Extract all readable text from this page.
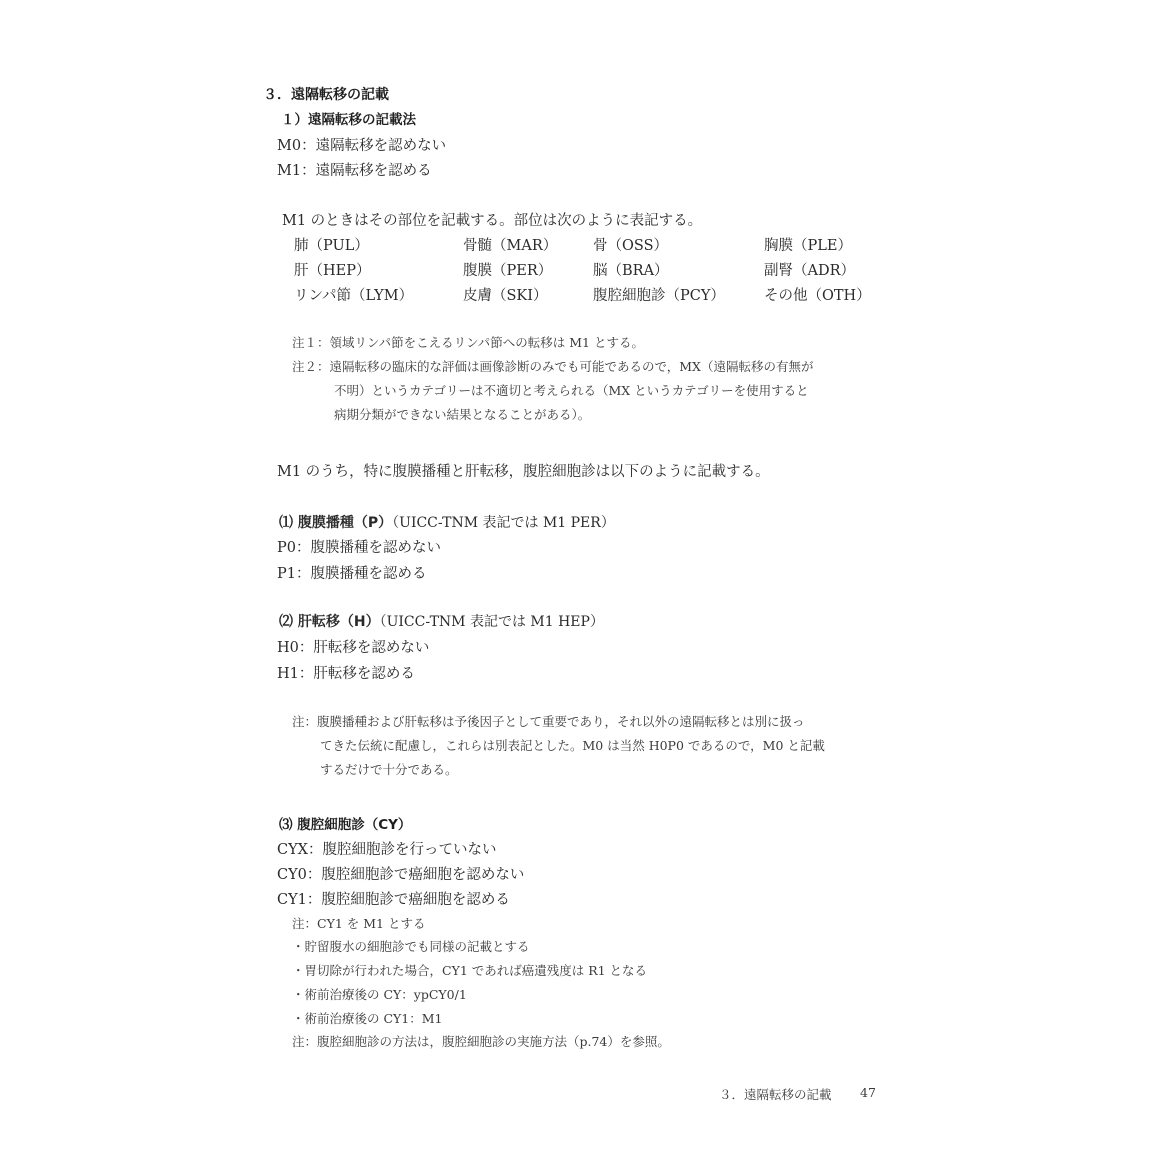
３．遠隔転移の記載
１）遠隔転移の記載法
M0：遠隔転移を認めない
M1：遠隔転移を認める
M1 のときはその部位を記載する。部位は次のように表記する。
肺（PUL）	骨髄（MAR） 骨（OSS）	胸膜（PLE）
肝（HEP）	腹膜（PER）	脳（BRA）	副腎（ADR）
リンパ節（LYM）	皮膚（SKI）	腹腔細胞診（PCY）	その他（OTH）
注１：領域リンパ節をこえるリンパ節への転移は M1 とする。
注２：遠隔転移の臨床的な評価は画像診断のみでも可能であるので，MX（遠隔転移の有無が
不明）というカテゴリーは不適切と考えられる（MX というカテゴリーを使用すると
病期分類ができない結果となることがある）。
M1 のうち，特に腹膜播種と肝転移，腹腔細胞診は以下のように記載する。
⑴ 腹膜播種（P）（UICC-TNM 表記では M1 PER）
P0：腹膜播種を認めない
P1：腹膜播種を認める
⑵ 肝転移（H）（UICC-TNM 表記では M1 HEP）
H0：肝転移を認めない
H1：肝転移を認める
注：腹膜播種および肝転移は予後因子として重要であり，それ以外の遠隔転移とは別に扱っ
てきた伝統に配慮し，これらは別表記とした。M0 は当然 H0P0 であるので，M0 と記載
するだけで十分である。
⑶ 腹腔細胞診（CY）
CYX：腹腔細胞診を行っていない
CY0：腹腔細胞診で癌細胞を認めない
CY1：腹腔細胞診で癌細胞を認める
注：CY1 を M1 とする
・貯留腹水の細胞診でも同様の記載とする
・胃切除が行われた場合，CY1 であれば癌遺残度は R1 となる
・術前治療後の CY：ypCY0/1
・術前治療後の CY1：M1
注：腹腔細胞診の方法は，腹腔細胞診の実施方法（p.74）を参照。
３．遠隔転移の記載 47
